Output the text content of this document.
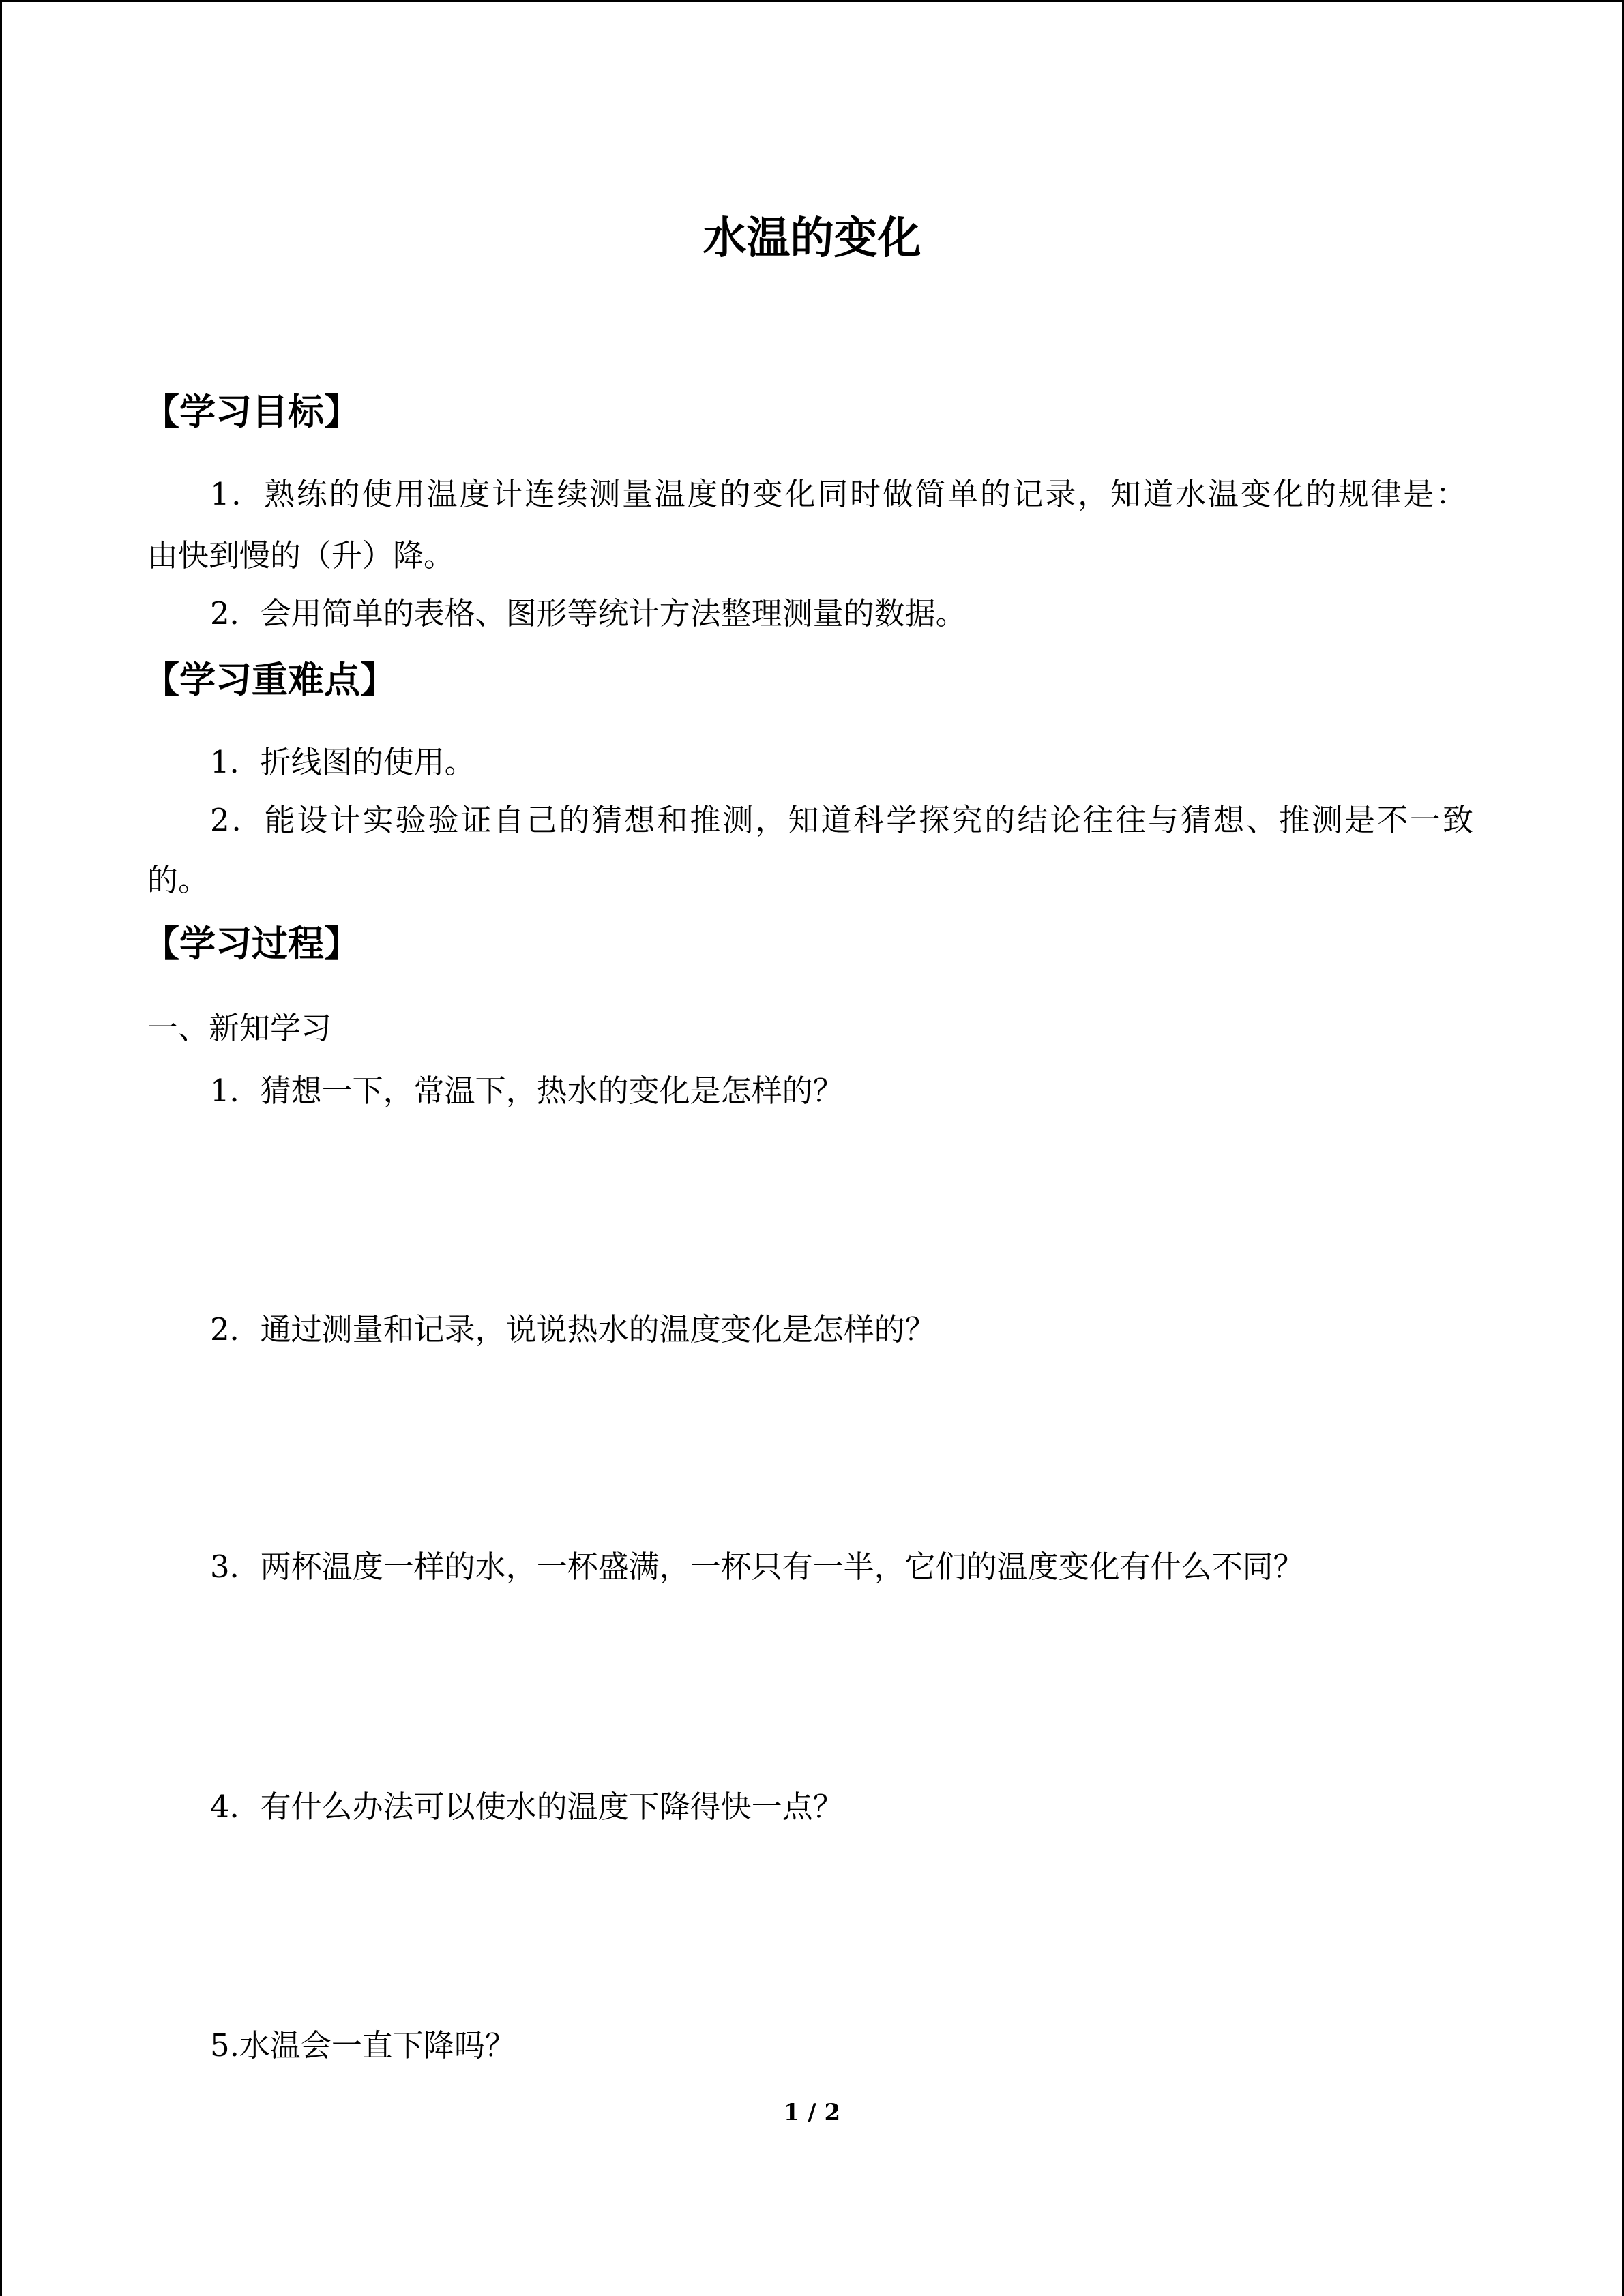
水温的变化
【学习目标】
1．熟练的使用温度计连续测量温度的变化同时做简单的记录，知道水温变化的规律是：
由快到慢的（升）降。
2．会用简单的表格、图形等统计方法整理测量的数据。
【学习重难点】
1．折线图的使用。
2．能设计实验验证自己的猜想和推测，知道科学探究的结论往往与猜想、推测是不一致
的。
【学习过程】
一、新知学习
1．猜想一下，常温下，热水的变化是怎样的？
2．通过测量和记录，说说热水的温度变化是怎样的？
3．两杯温度一样的水，一杯盛满，一杯只有一半，它们的温度变化有什么不同？
4．有什么办法可以使水的温度下降得快一点？
5.水温会一直下降吗？
1 / 2
